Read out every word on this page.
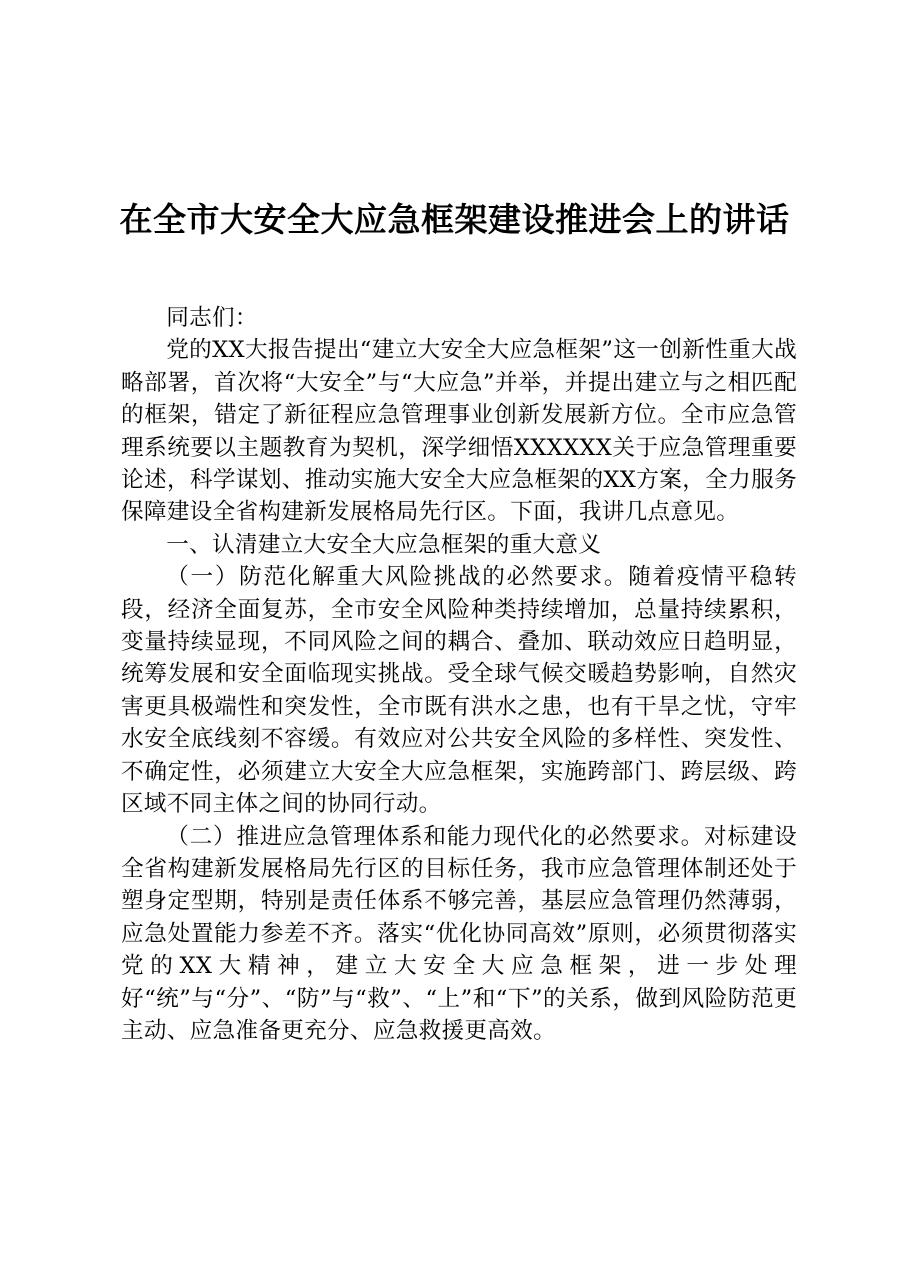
在全市大安全大应急框架建设推进会上的讲话

同志们：

党的XX大报告提出“建立大安全大应急框架”这一创新性重大战略部署，首次将“大安全”与“大应急”并举，并提出建立与之相匹配的框架，错定了新征程应急管理事业创新发展新方位。全市应急管理系统要以主题教育为契机，深学细悟XXXXXX关于应急管理重要论述，科学谋划、推动实施大安全大应急框架的XX方案，全力服务保障建设全省构建新发展格局先行区。下面，我讲几点意见。

一、认清建立大安全大应急框架的重大意义

（一）防范化解重大风险挑战的必然要求。随着疫情平稳转段，经济全面复苏，全市安全风险种类持续增加，总量持续累积，变量持续显现，不同风险之间的耦合、叠加、联动效应日趋明显，统筹发展和安全面临现实挑战。受全球气候交暖趋势影响，自然灾害更具极端性和突发性，全市既有洪水之患，也有干旱之忧，守牢水安全底线刻不容缓。有效应对公共安全风险的多样性、突发性、不确定性，必须建立大安全大应急框架，实施跨部门、跨层级、跨区域不同主体之间的协同行动。

（二）推进应急管理体系和能力现代化的必然要求。对标建设全省构建新发展格局先行区的目标任务，我市应急管理体制还处于塑身定型期，特别是责任体系不够完善，基层应急管理仍然薄弱，应急处置能力参差不齐。落实“优化协同高效”原则，必须贯彻落实党的XX大精神，建立大安全大应急框架，进一步处理好“统”与“分”、“防”与“救”、“上”和“下”的关系，做到风险防范更主动、应急准备更充分、应急救援更高效。
